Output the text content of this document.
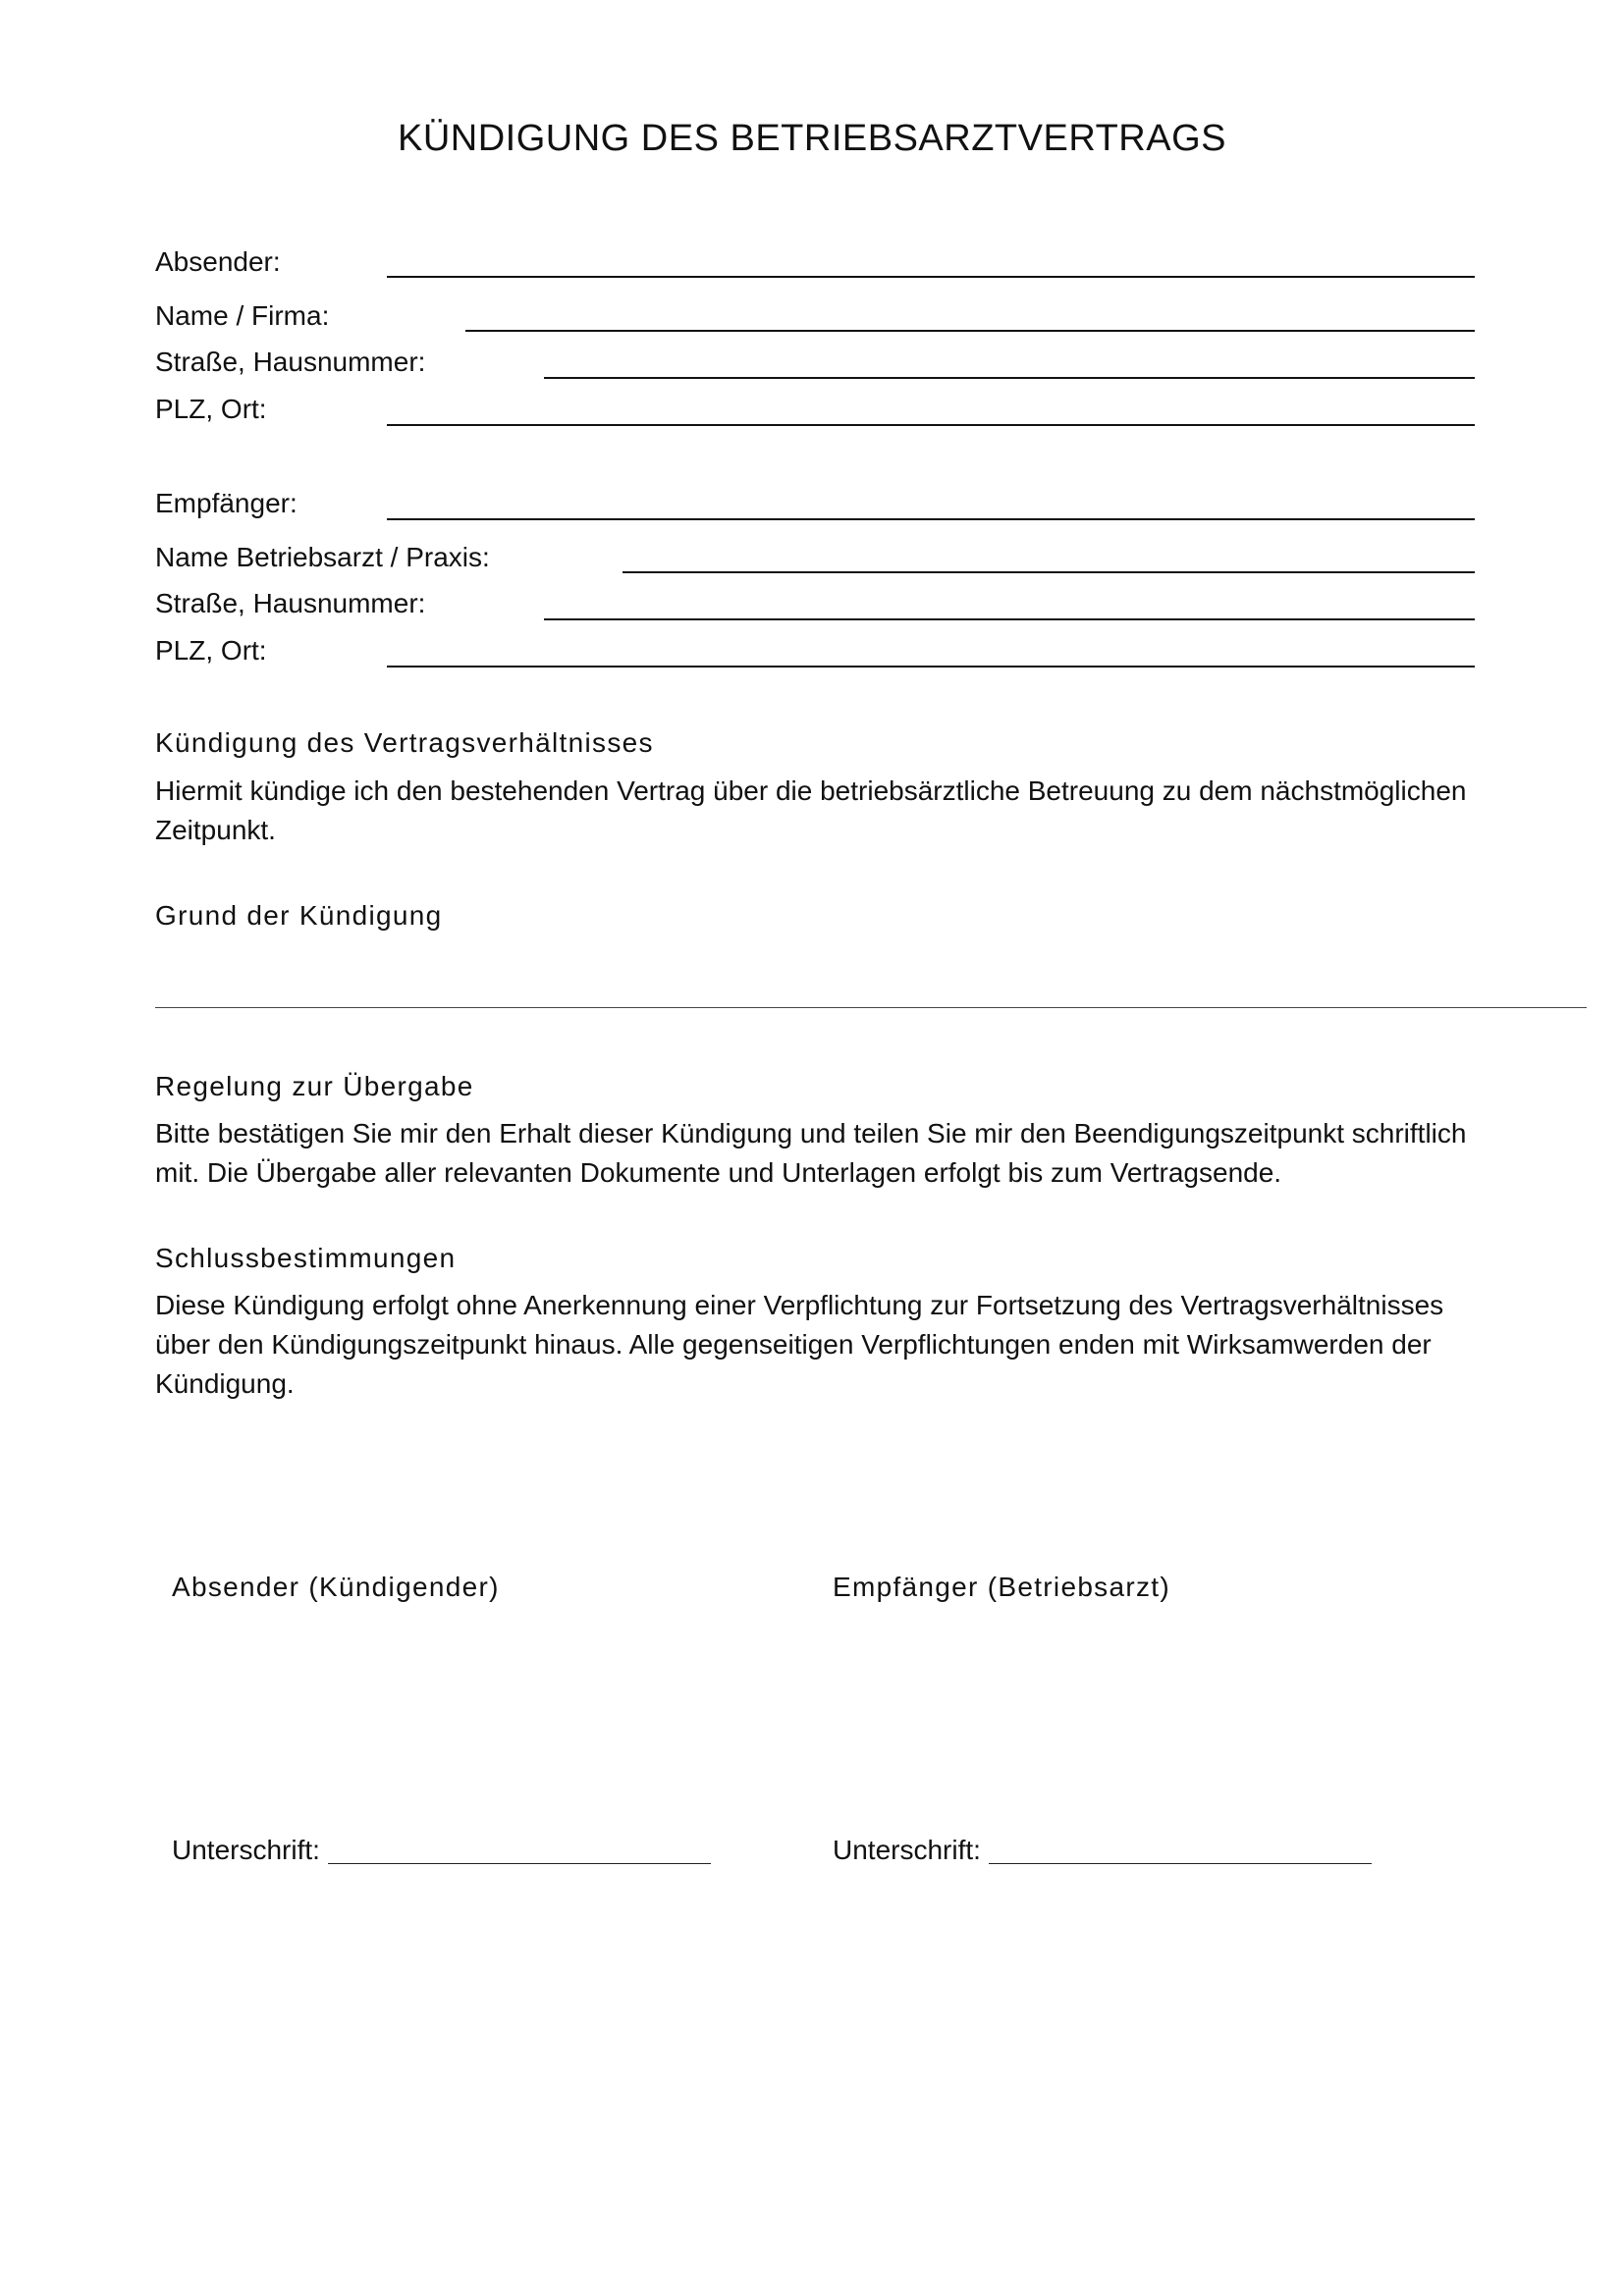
KÜNDIGUNG DES BETRIEBSARZTVERTRAGS
Absender:
Name / Firma:
Straße, Hausnummer:
PLZ, Ort:
Empfänger:
Name Betriebsarzt / Praxis:
Straße, Hausnummer:
PLZ, Ort:
Kündigung des Vertragsverhältnisses

Hiermit kündige ich den bestehenden Vertrag über die betriebsärztliche Betreuung zu dem nächstmöglichen
Zeitpunkt.

Grund der Kündigung
Regelung zur Übergabe

Bitte bestätigen Sie mir den Erhalt dieser Kündigung und teilen Sie mir den Beendigungszeitpunkt schriftlich
mit. Die Übergabe aller relevanten Dokumente und Unterlagen erfolgt bis zum Vertragsende.

Schlussbestimmungen

Diese Kündigung erfolgt ohne Anerkennung einer Verpflichtung zur Fortsetzung des Vertragsverhältnisses
über den Kündigungszeitpunkt hinaus. Alle gegenseitigen Verpflichtungen enden mit Wirksamwerden der
Kündigung.

Absender (Kündigender)	Empfänger (Betriebsarzt)
Unterschrift:	Unterschrift:
